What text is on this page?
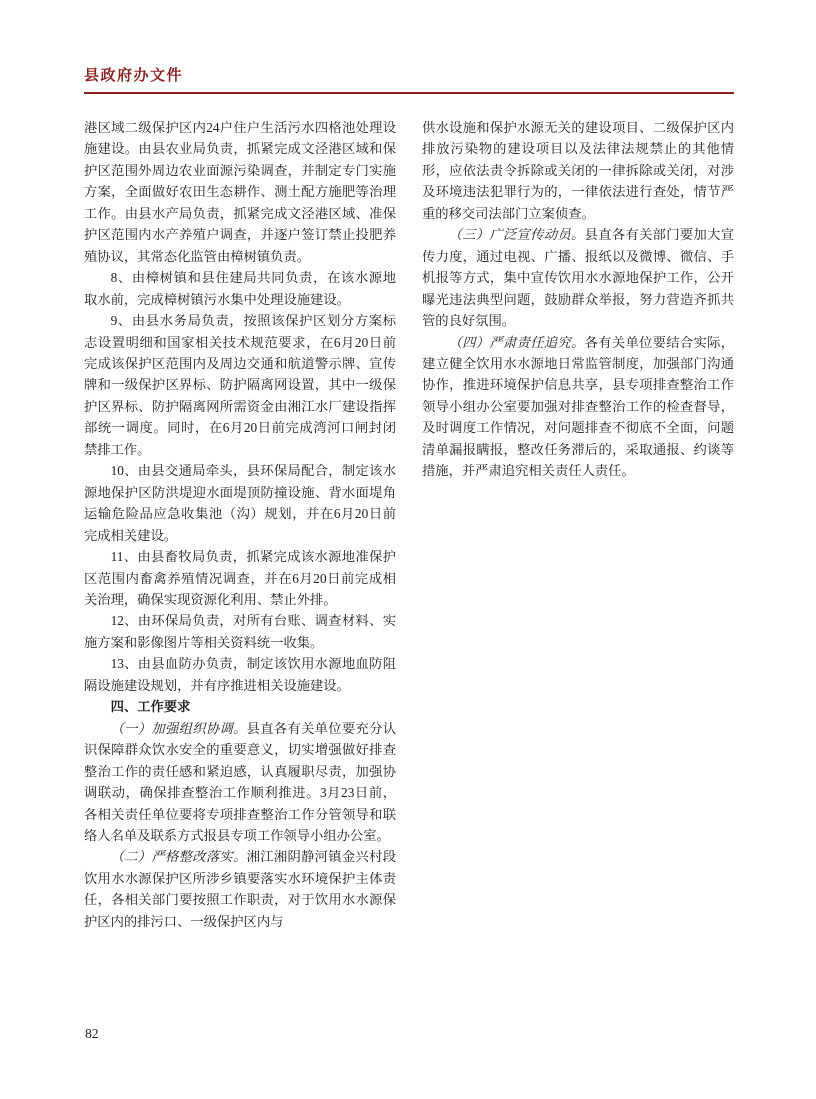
县政府办文件

港区域二级保护区内24户住户生活污水四格池处理设施建设。由县农业局负责，抓紧完成文泾港区域和保护区范围外周边农业面源污染调查，并制定专门实施方案，全面做好农田生态耕作、测土配方施肥等治理工作。由县水产局负责，抓紧完成文泾港区域、准保护区范围内水产养殖户调查，并逐户签订禁止投肥养殖协议，其常态化监管由樟树镇负责。

8、由樟树镇和县住建局共同负责，在该水源地取水前，完成樟树镇污水集中处理设施建设。

9、由县水务局负责，按照该保护区划分方案标志设置明细和国家相关技术规范要求，在6月20日前完成该保护区范围内及周边交通和航道警示牌、宣传牌和一级保护区界标、防护隔离网设置，其中一级保护区界标、防护隔离网所需资金由湘江水厂建设指挥部统一调度。同时，在6月20日前完成湾河口闸封闭禁排工作。

10、由县交通局牵头，县环保局配合，制定该水源地保护区防洪堤迎水面堤顶防撞设施、背水面堤角运输危险品应急收集池（沟）规划，并在6月20日前完成相关建设。

11、由县畜牧局负责，抓紧完成该水源地准保护区范围内畜禽养殖情况调查，并在6月20日前完成相关治理，确保实现资源化利用、禁止外排。

12、由环保局负责，对所有台账、调查材料、实施方案和影像图片等相关资料统一收集。

13、由县血防办负责，制定该饮用水源地血防阻隔设施建设规划，并有序推进相关设施建设。

四、工作要求

（一）加强组织协调。县直各有关单位要充分认识保障群众饮水安全的重要意义，切实增强做好排查整治工作的责任感和紧迫感，认真履职尽责，加强协调联动，确保排查整治工作顺利推进。3月23日前，各相关责任单位要将专项排查整治工作分管领导和联络人名单及联系方式报县专项工作领导小组办公室。

（二）严格整改落实。湘江湘阴静河镇金兴村段饮用水水源保护区所涉乡镇要落实水环境保护主体责任，各相关部门要按照工作职责，对于饮用水水源保护区内的排污口、一级保护区内与

供水设施和保护水源无关的建设项目、二级保护区内排放污染物的建设项目以及法律法规禁止的其他情形，应依法责令拆除或关闭的一律拆除或关闭，对涉及环境违法犯罪行为的，一律依法进行查处，情节严重的移交司法部门立案侦查。

（三）广泛宣传动员。县直各有关部门要加大宣传力度，通过电视、广播、报纸以及微博、微信、手机报等方式，集中宣传饮用水水源地保护工作，公开曝光违法典型问题，鼓励群众举报，努力营造齐抓共管的良好氛围。

（四）严肃责任追究。各有关单位要结合实际，建立健全饮用水水源地日常监管制度，加强部门沟通协作，推进环境保护信息共享，县专项排查整治工作领导小组办公室要加强对排查整治工作的检查督导，及时调度工作情况，对问题排查不彻底不全面，问题清单漏报瞒报，整改任务滞后的，采取通报、约谈等措施，并严肃追究相关责任人责任。

82
